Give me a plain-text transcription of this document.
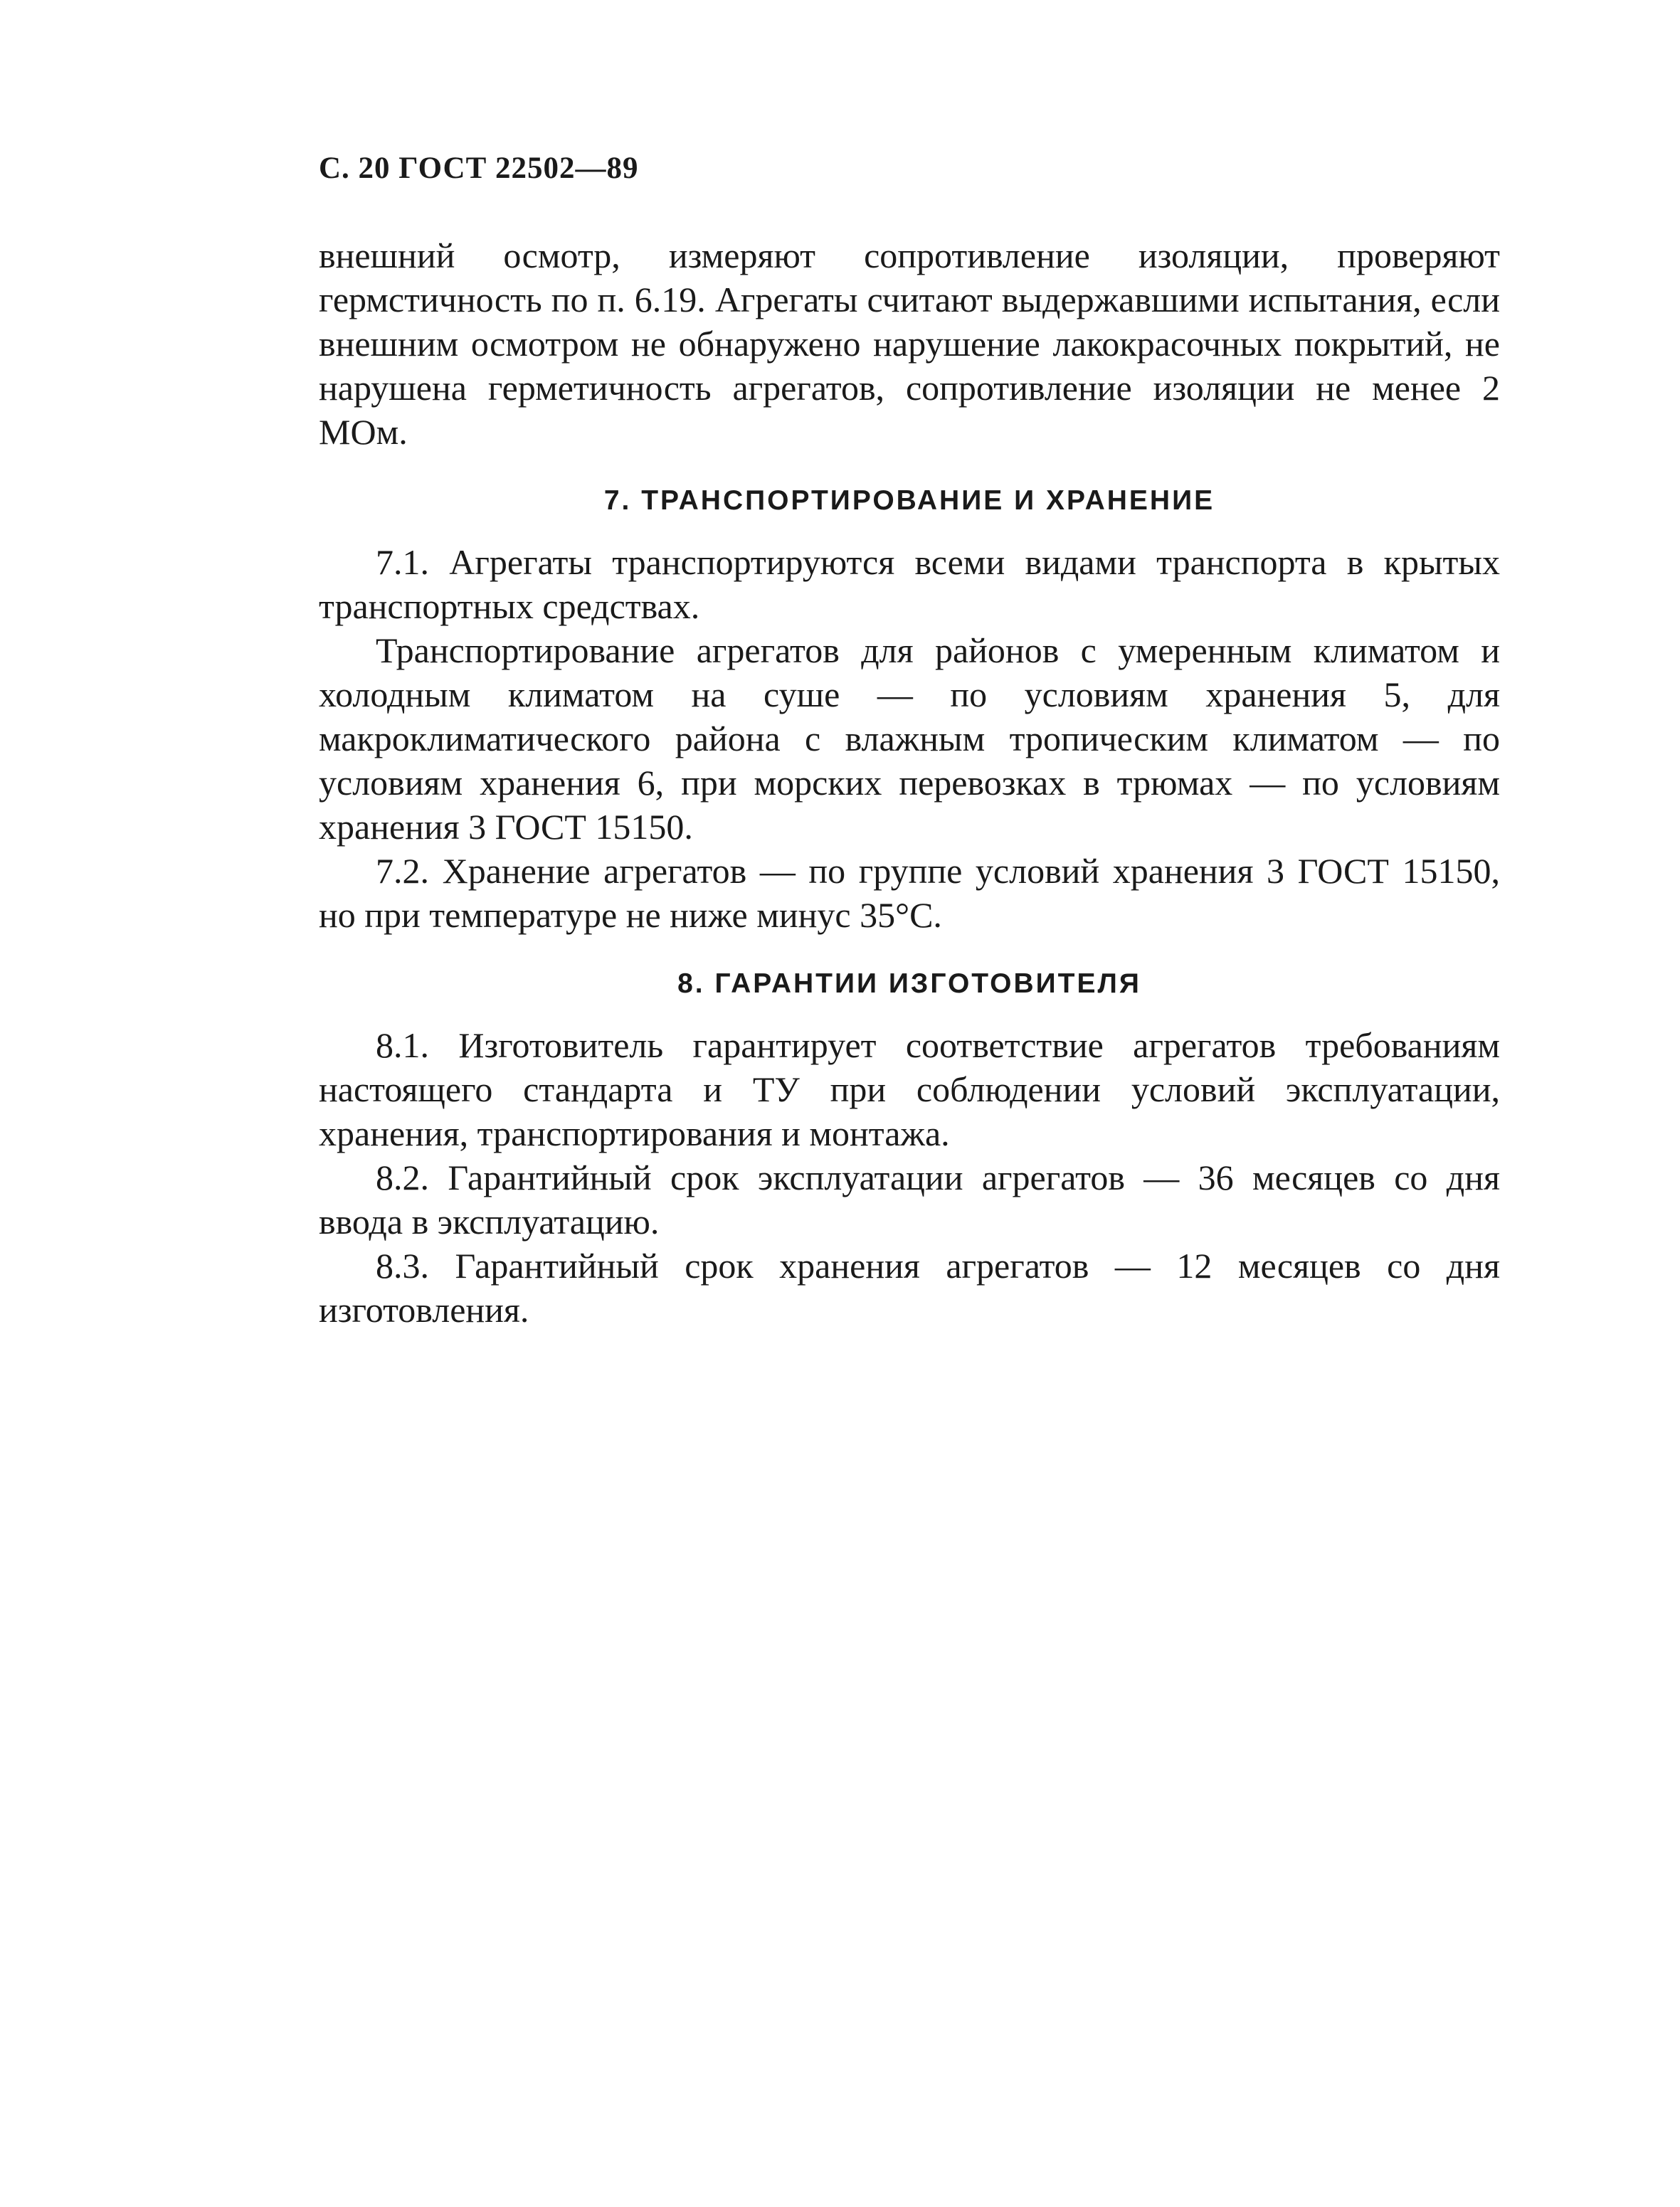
С. 20 ГОСТ 22502—89

внешний осмотр, измеряют сопротивление изоляции, проверяют гермстичность по п. 6.19. Агрегаты считают выдержавшими испытания, если внешним осмотром не обнаружено нарушение лакокрасочных покрытий, не нарушена герметичность агрегатов, сопротивление изоляции не менее 2 МОм.

7. ТРАНСПОРТИРОВАНИЕ И ХРАНЕНИЕ

7.1. Агрегаты транспортируются всеми видами транспорта в крытых транспортных средствах.

Транспортирование агрегатов для районов с умеренным климатом и холодным климатом на суше — по условиям хранения 5, для макроклиматического района с влажным тропическим климатом — по условиям хранения 6, при морских перевозках в трюмах — по условиям хранения 3 ГОСТ 15150.

7.2. Хранение агрегатов — по группе условий хранения 3 ГОСТ 15150, но при температуре не ниже минус 35°С.

8. ГАРАНТИИ ИЗГОТОВИТЕЛЯ

8.1. Изготовитель гарантирует соответствие агрегатов требованиям настоящего стандарта и ТУ при соблюдении условий эксплуатации, хранения, транспортирования и монтажа.

8.2. Гарантийный срок эксплуатации агрегатов — 36 месяцев со дня ввода в эксплуатацию.

8.3. Гарантийный срок хранения агрегатов — 12 месяцев со дня изготовления.
